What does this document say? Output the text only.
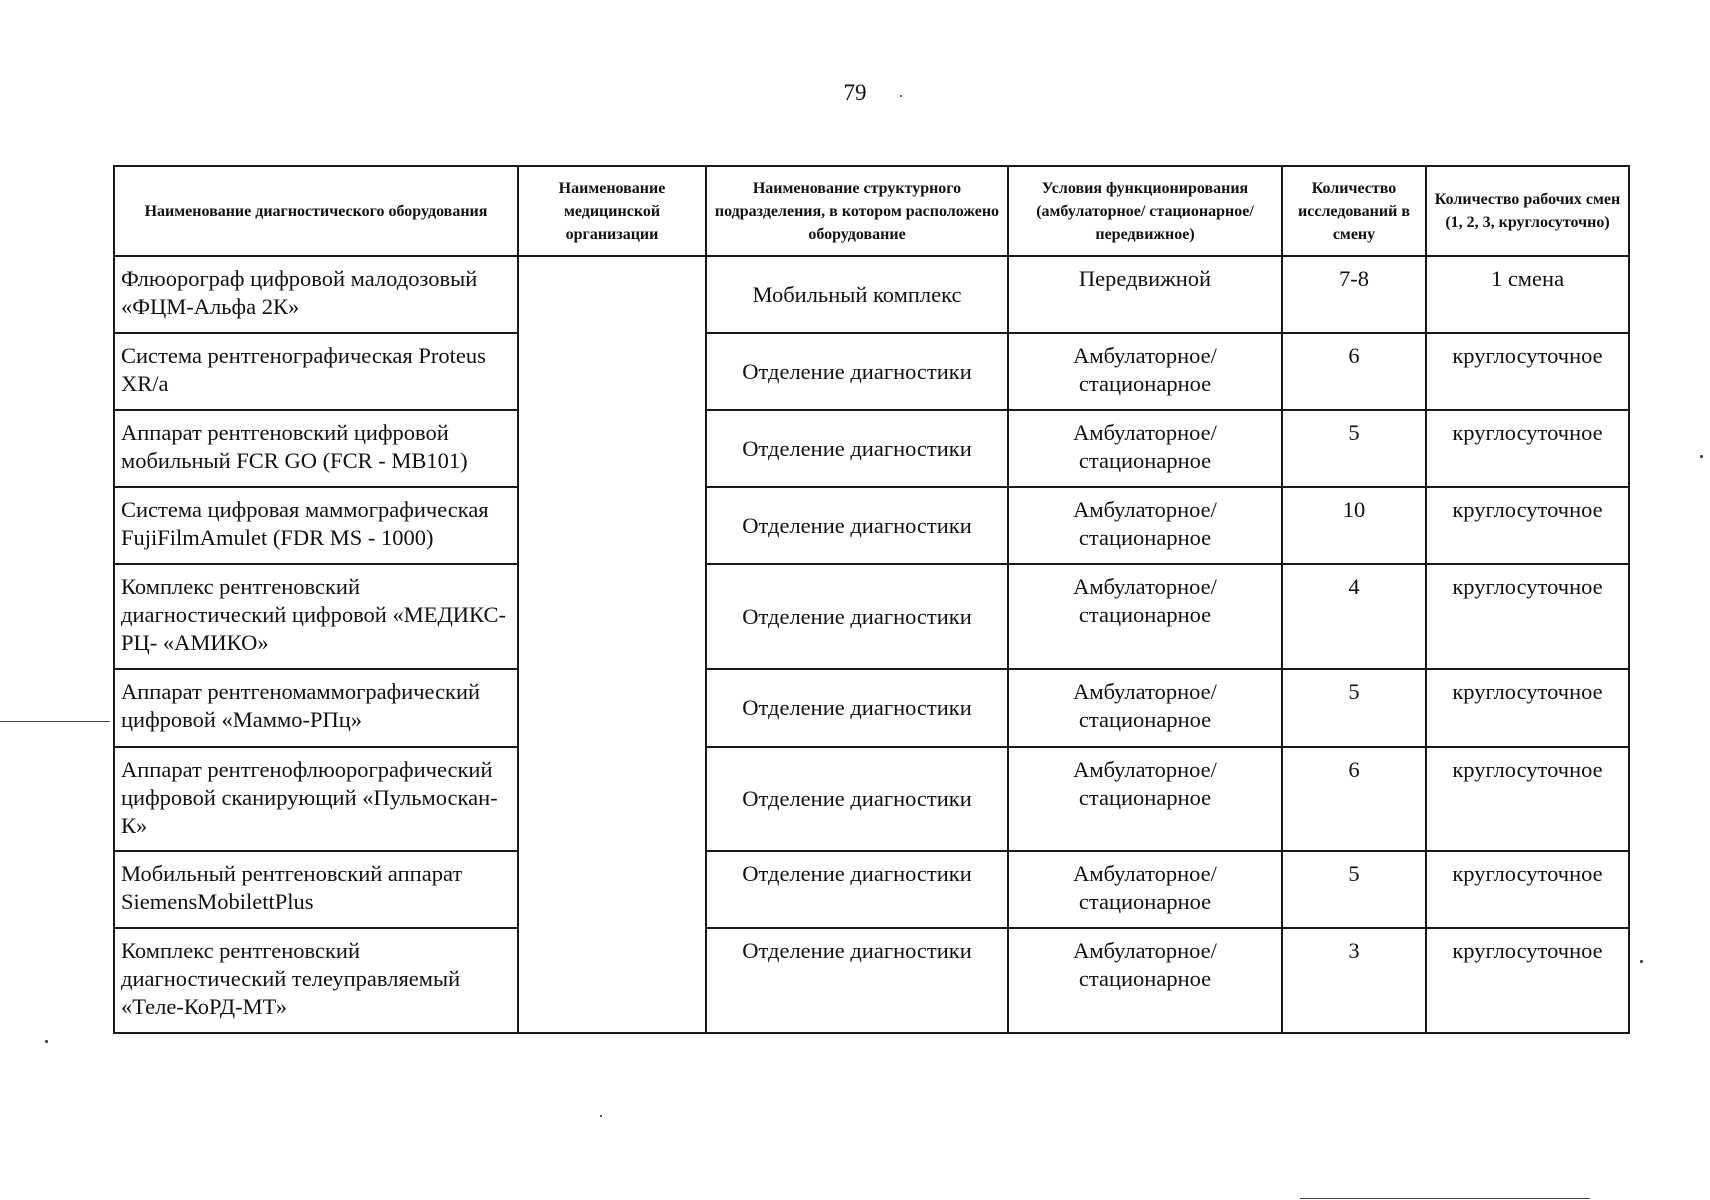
79
Наименование диагностического оборудования	Наименование медицинской организации	Наименование структурного подразделения, в котором расположено оборудование	Условия функционирования (амбулаторное/ стационарное/передвижное)	Количество исследований в смену	Количество рабочих смен (1, 2, 3, круглосуточно)
Флюорограф цифровой малодозовый «ФЦМ-Альфа 2К»		Мобильный комплекс	Передвижной	7-8	1 смена
Система рентгенографическая Proteus XR/a		Отделение диагностики	Амбулаторное/ стационарное	6	круглосуточное
Аппарат рентгеновский цифровой мобильный FCR GO (FCR - MB101)		Отделение диагностики	Амбулаторное/ стационарное	5	круглосуточное
Система цифровая маммографическая FujiFilmAmulet (FDR MS - 1000)		Отделение диагностики	Амбулаторное/ стационарное	10	круглосуточное
Комплекс рентгеновский диагностический цифровой «МЕДИКС-РЦ- «АМИКО»		Отделение диагностики	Амбулаторное/ стационарное	4	круглосуточное
Аппарат рентгеномаммографический цифровой «Маммо-РПц»		Отделение диагностики	Амбулаторное/ стационарное	5	круглосуточное
Аппарат рентгенофлюорографический цифровой сканирующий «Пульмоскан-К»		Отделение диагностики	Амбулаторное/ стационарное	6	круглосуточное
Мобильный рентгеновский аппарат SiemensMobilettPlus		Отделение диагностики	Амбулаторное/ стационарное	5	круглосуточное
Комплекс рентгеновский диагностический телеуправляемый «Теле-КоРД-МТ»		Отделение диагностики	Амбулаторное/ стационарное	3	круглосуточное
